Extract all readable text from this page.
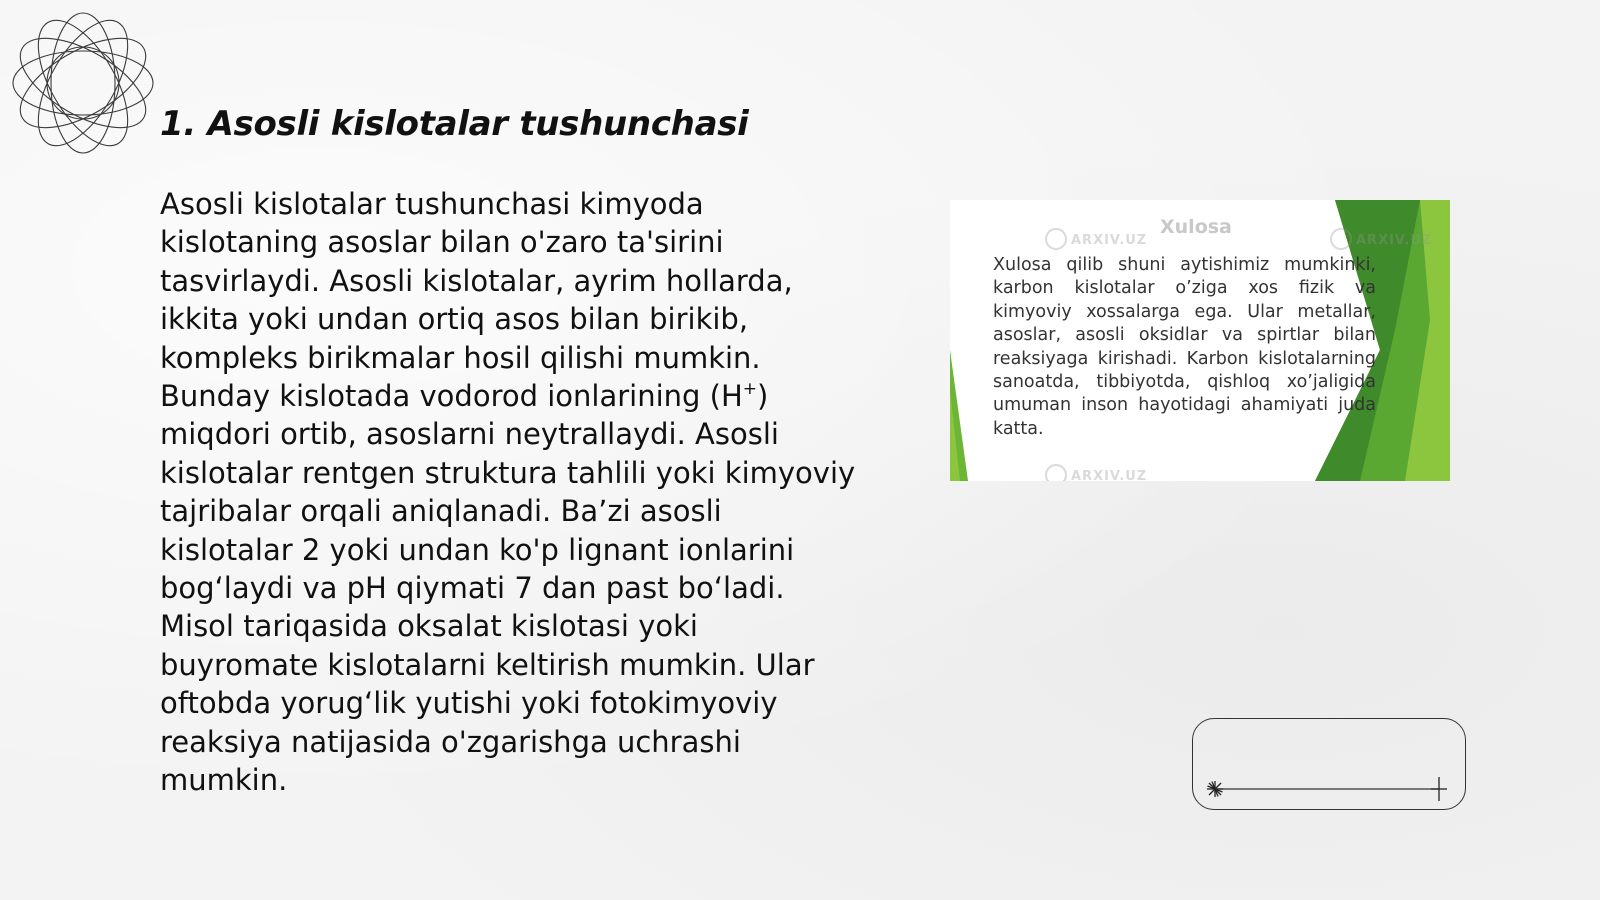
1. Asosli kislotalar tushunchasi

Asosli kislotalar tushunchasi kimyoda kislotaning asoslar bilan o'zaro ta'sirini tasvirlaydi. Asosli kislotalar, ayrim hollarda, ikkita yoki undan ortiq asos bilan birikib, kompleks birikmalar hosil qilishi mumkin. Bunday kislotada vodorod ionlarining (H+) miqdori ortib, asoslarni neytrallaydi. Asosli kislotalar rentgen struktura tahlili yoki kimyoviy tajribalar orqali aniqlanadi. Ba’zi asosli kislotalar 2 yoki undan ko'p lignant ionlarini bog‘laydi va pH qiymati 7 dan past bo‘ladi. Misol tariqasida oksalat kislotasi yoki buyromate kislotalarni keltirish mumkin. Ular oftobda yorug‘lik yutishi yoki fotokimyoviy reaksiya natijasida o'zgarishga uchrashi mumkin.

ARXIV.UZ	ARXIV.UZ
ARXIV.UZ
Xulosa

Xulosa qilib shuni aytishimiz mumkinki, karbon kislotalar o’ziga xos fizik va kimyoviy xossalarga ega. Ular metallar, asoslar, asosli oksidlar va spirtlar bilan reaksiyaga kirishadi. Karbon kislotalarning sanoatda, tibbiyotda, qishloq xo’jaligida umuman inson hayotidagi ahamiyati juda katta.
